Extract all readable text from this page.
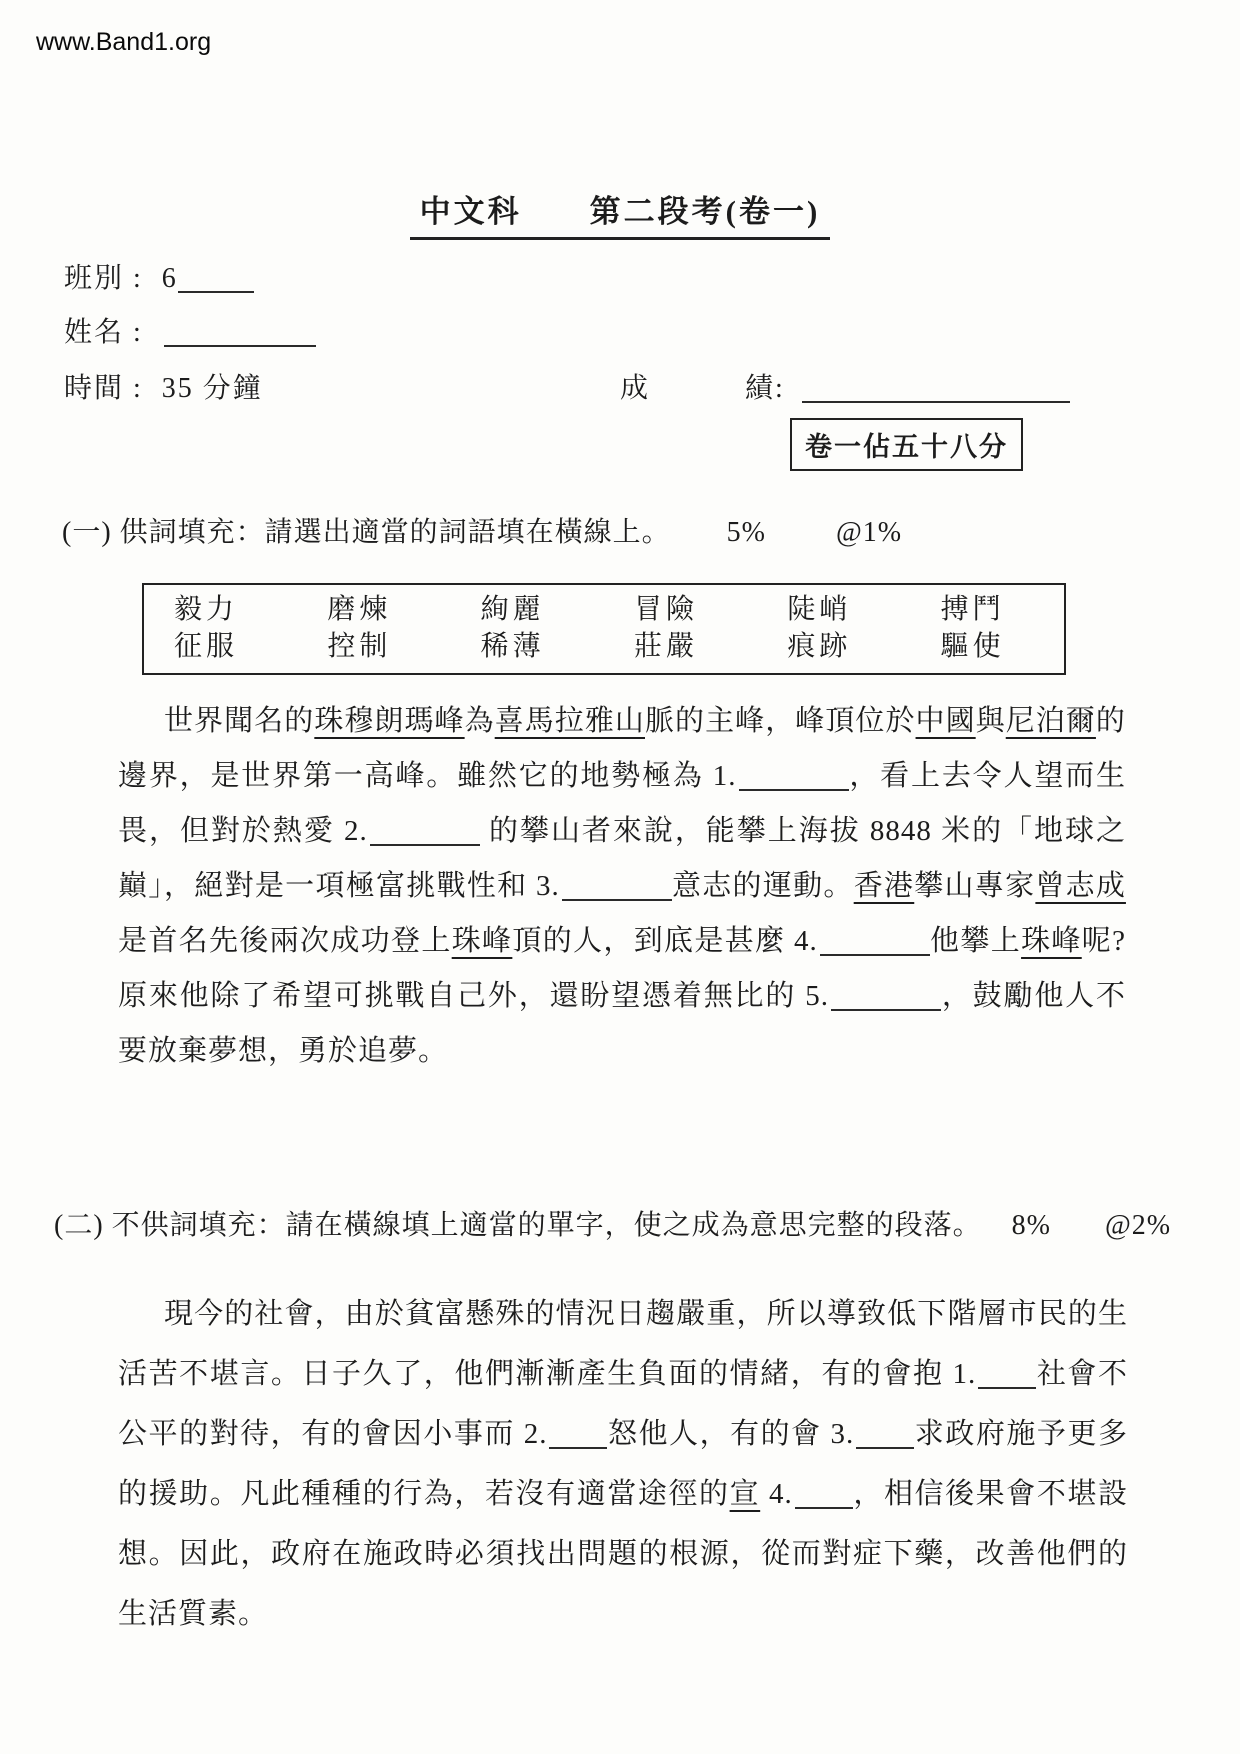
www.Band1.org
中文科　　第二段考(卷一)
班別 : 6
姓名 :
時間 : 35 分鐘	成	績:
卷一佔五十八分
(一) 供詞填充：請選出適當的詞語填在橫線上。 5%	@1%
毅力	磨煉	絢麗	冒險	陡峭	搏鬥
征服	控制	稀薄	莊嚴	痕跡	驅使
世界聞名的珠穆朗瑪峰為喜馬拉雅山脈的主峰，峰頂位於中國與尼泊爾的邊界，是世界第一高峰。雖然它的地勢極為 1.	，看上去令人望而生畏，但對於熱愛 2.	的攀山者來說，能攀上海拔 8848 米的「地球之巔」，絕對是一項極富挑戰性和 3.	意志的運動。香港攀山專家曾志成是首名先後兩次成功登上珠峰頂的人，到底是甚麼 4.	他攀上珠峰呢? 原來他除了希望可挑戰自己外，還盼望憑着無比的 5.	，鼓勵他人不要放棄夢想，勇於追夢。
(二) 不供詞填充：請在橫線填上適當的單字，使之成為意思完整的段落。 8% @2%
現今的社會，由於貧富懸殊的情況日趨嚴重，所以導致低下階層市民的生活苦不堪言。日子久了，他們漸漸產生負面的情緒，有的會抱 1. 社會不公平的對待，有的會因小事而 2. 怒他人，有的會 3. 求政府施予更多的援助。凡此種種的行為，若沒有適當途徑的宣 4. ，相信後果會不堪設想。因此，政府在施政時必須找出問題的根源，從而對症下藥，改善他們的生活質素。
